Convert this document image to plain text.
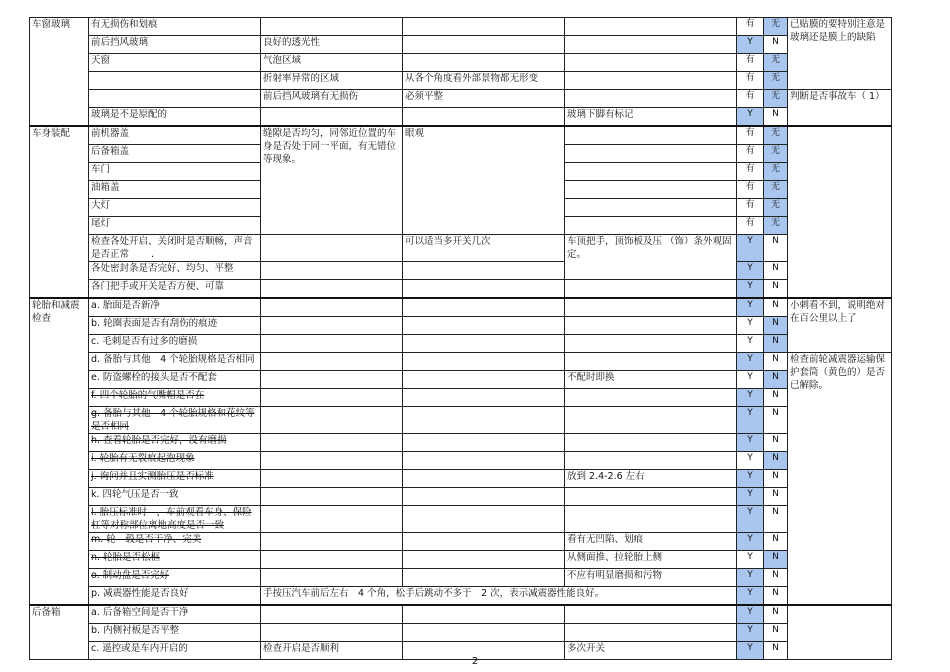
车窗玻璃	有无损伤和划痕				有	无	已贴膜的要特别注意是玻璃还是膜上的缺陷
	前后挡风玻璃	良好的透光性			Y	N	
	天窗	气泡区域			有	无	
		折射率异常的区域	从各个角度看外部景物都无形变		有	无	
		前后挡风玻璃有无损伤	必须平整		有	无	判断是否事故车（ 1）
	玻璃是不是原配的			玻璃下脚有标记	Y	N	
车身装配	前机器盖	缝隙是否均匀，同邻近位置的车身是否处于同一平面，有无错位等现象。	眼观		有	无	
	后备箱盖				有	无	
	车门				有	无	
	油箱盖				有	无	
	大灯				有	无	
	尾灯				有	无	
	检查各处开启、关闭时是否顺畅，声音是否正常　　 .		可以适当多开关几次	车顶把手，顶饰板及压 （饰）条外观固定。	Y	N	
	各处密封条是否完好、均匀、平整				Y	N	
	各门把手或开关是否方便、可靠				Y	N	
轮胎和减震检查	a. 胎面是否新净				Y	N	小刺看不到，说明绝对在百公里以上了
	b. 轮圈表面是否有刮伤的痕迹				Y	N	
	c. 毛刺是否有过多的磨损				Y	N	
	d. 备胎与其他　4 个轮胎规格是否相同				Y	N	检查前轮减震器运输保护套筒（黄色的）是否已解除。
	e. 防盗螺栓的接头是否不配套			不配时即换	Y	N	
	f. 四个轮胎的气嘴帽是否在				Y	N	
	g. 备胎与其他　4 个轮胎规格和花纹等是否相同				Y	N	
	h. 查看轮胎是否完好，没有磨损				Y	N	
	i. 轮胎有无裂痕起泡现象				Y	N	
	j. 询问并且实测胎压是否标准			放到 2.4-2.6 左右	Y	N	
	k. 四轮气压是否一致				Y	N	
	l. 胎压标准时　，车前观看车身、保险杠等对称部位离地高度是否一致				Y	N	
	m. 轮　毂是否干净、完美			看有无凹陷、划痕	Y	N	
	n. 轮胎是否松框			从侧面推、拉轮胎上侧	Y	N	
	o. 制动盘是否完好			不应有明显磨损和污物	Y	N	
	p. 减震器性能是否良好	手按压汽车前后左右　4 个角，松手后跳动不多于　2 次，表示减震器性能良好。			Y	N	
后备箱	a. 后备箱空间是否干净				Y	N	
	b. 内侧衬板是否平整				Y	N	
	c. 遥控或是车内开启的	检查开启是否顺利		多次开关	Y	N	
2
